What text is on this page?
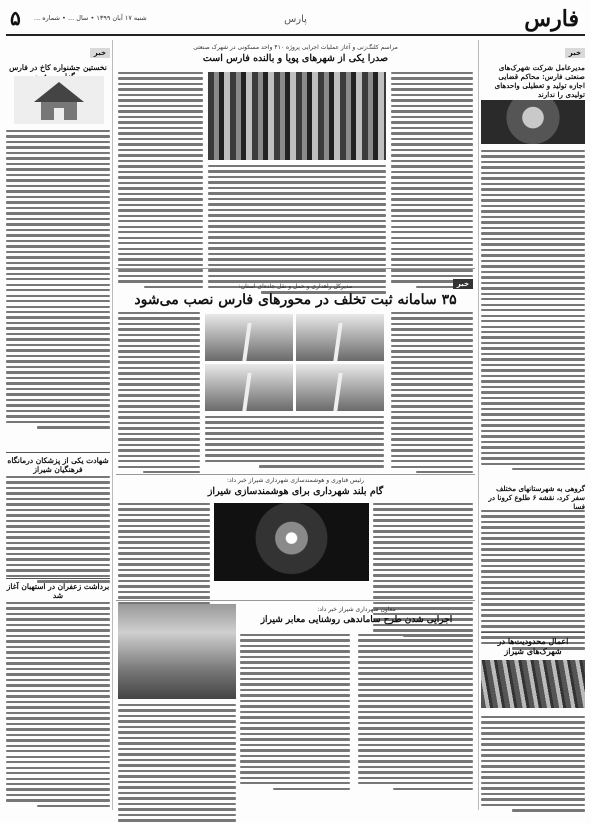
فارس
پارس
۵ شنبه ۱۷ آبان ۱۳۹۹ • سال ... • شماره ...
خبر
مدیرعامل شرکت شهرک‌های صنعتی فارس: محاکم قضایی اجازه تولید و تعطیلی واحدهای تولیدی را ندارند
گروهی به شهرستانهای مختلف سفر کرد، نقشه ۶ طلوع کرونا در فسا
اعمال محدودیت‌ها در شهرک‌های شیراز
مراسم کلنگ‌زنی و آغاز عملیات اجرایی پروژه ۴۱۰ واحد مسکونی در شهرک صنعتی
صدرا یکی از شهرهای پویا و بالنده فارس است
خبر
مدیرکل راهداری و حمل و نقل جاده‌ای استان:
۳۵ سامانه ثبت تخلف در محورهای فارس نصب می‌شود
رئیس فناوری و هوشمندسازی شهرداری شیراز خبر داد:
گام بلند شهرداری برای هوشمندسازی شیراز
معاون شهرداری شیراز خبر داد:
اجرایی شدن طرح ساماندهی روشنایی معابر شیراز
خبر
نخستین جشنواره کاخ در فارس
شهادت یکی از پزشکان درمانگاه فرهنگیان شیراز
برداشت زعفران در استهبان آغاز شد
